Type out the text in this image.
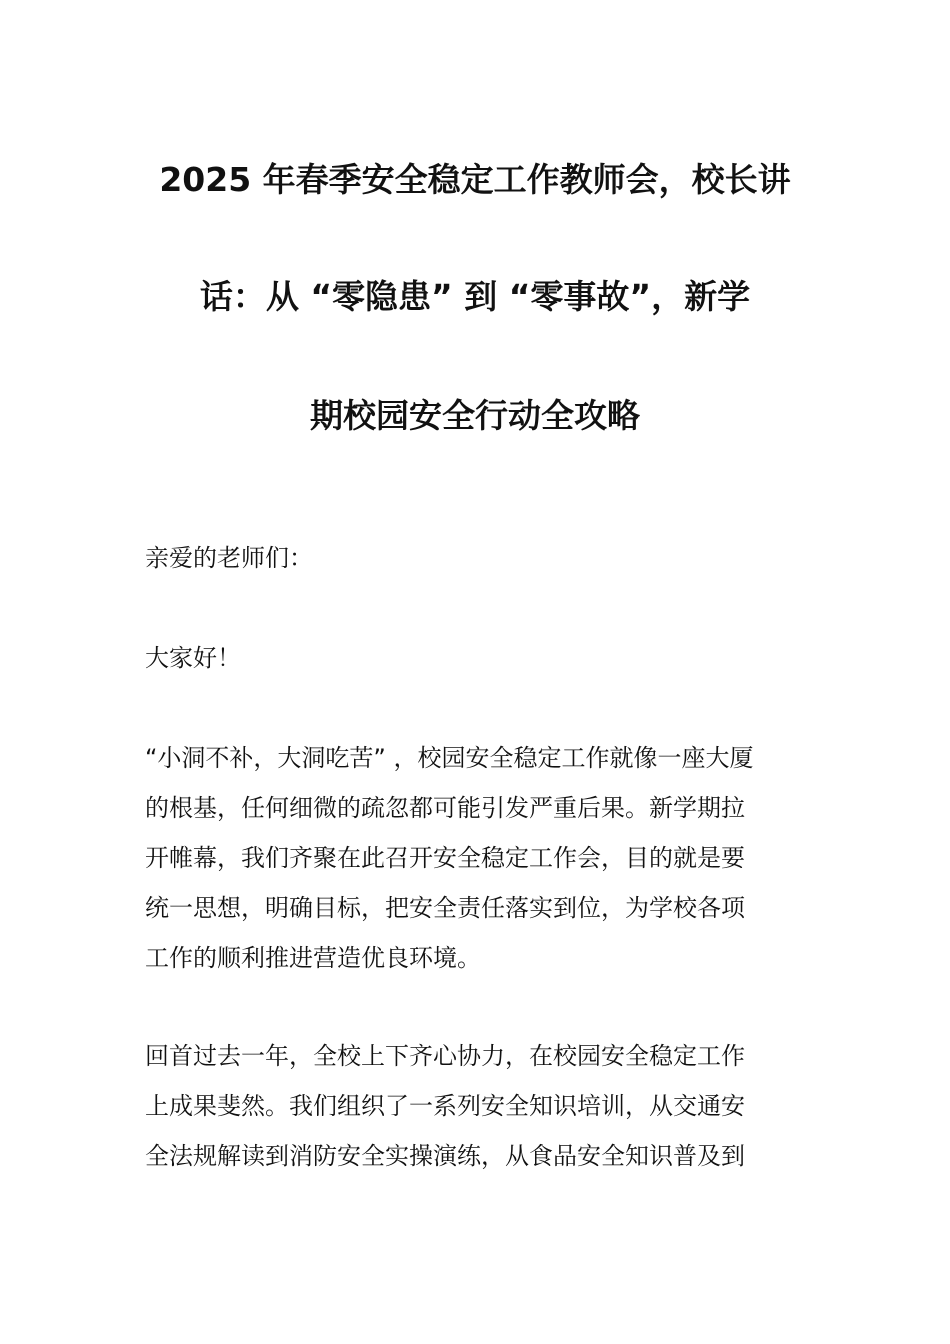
2025 年春季安全稳定工作教师会，校长讲
话：从 “零隐患” 到 “零事故”，新学
期校园安全行动全攻略

亲爱的老师们：

大家好！

“小洞不补，大洞吃苦” ，校园安全稳定工作就像一座大厦
的根基，任何细微的疏忽都可能引发严重后果。新学期拉
开帷幕，我们齐聚在此召开安全稳定工作会，目的就是要
统一思想，明确目标，把安全责任落实到位，为学校各项
工作的顺利推进营造优良环境。

回首过去一年，全校上下齐心协力，在校园安全稳定工作
上成果斐然。我们组织了一系列安全知识培训，从交通安
全法规解读到消防安全实操演练，从食品安全知识普及到
